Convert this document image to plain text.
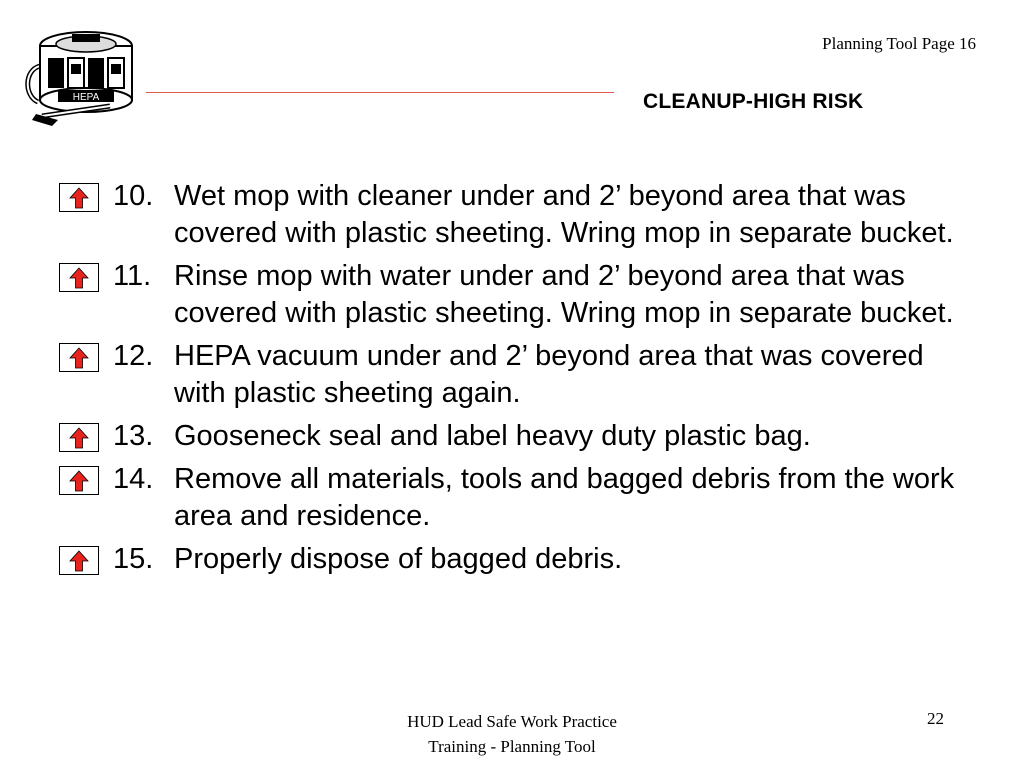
HEPA
Planning Tool Page 16
CLEANUP-HIGH RISK
10. Wet mop with cleaner under and 2’ beyond area that was covered with plastic sheeting. Wring mop in separate bucket.
11. Rinse mop with water under and 2’ beyond area that was covered with plastic sheeting. Wring mop in separate bucket.
12. HEPA vacuum under and 2’ beyond area that was covered with plastic sheeting again.
13. Gooseneck seal and label heavy duty plastic bag.
14. Remove all materials, tools and bagged debris from the work area and residence.
15. Properly dispose of bagged debris.
HUD Lead Safe Work Practice
Training - Planning Tool
22
